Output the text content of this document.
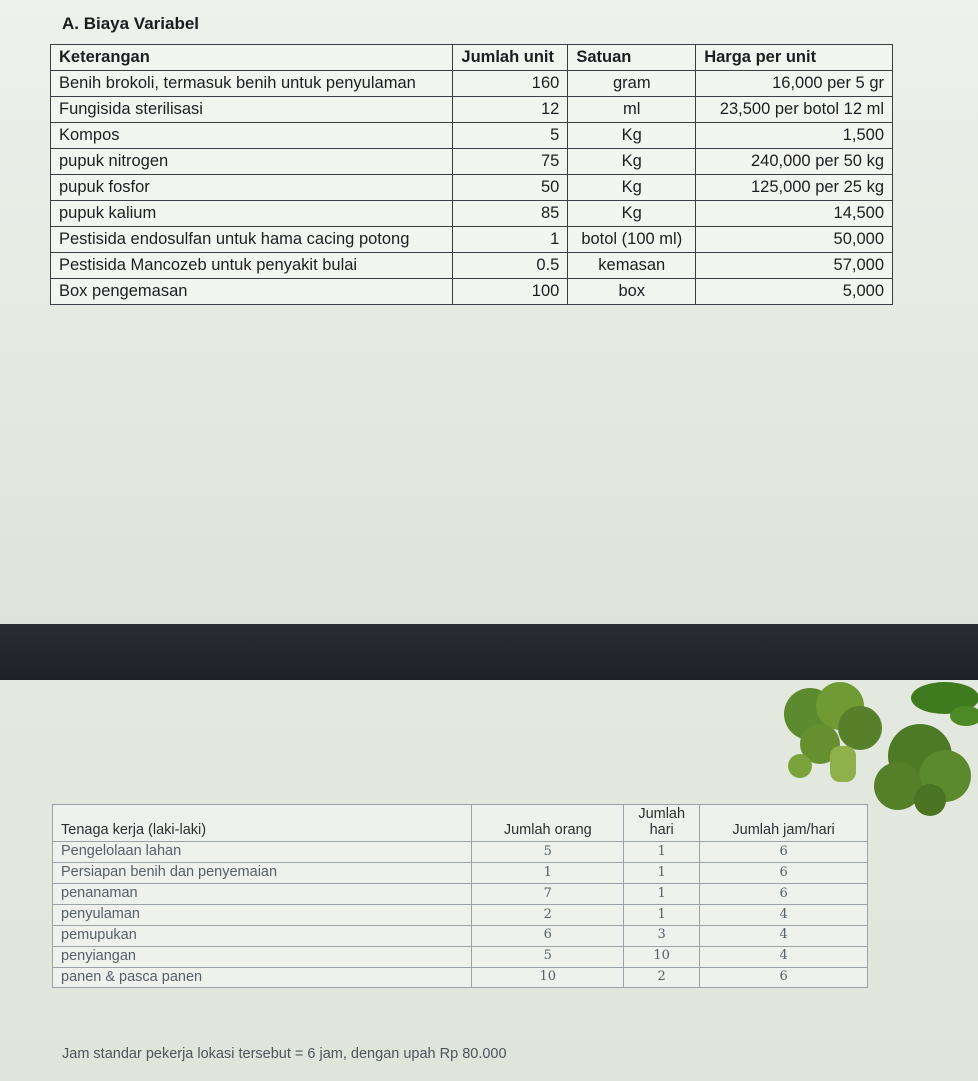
A. Biaya Variabel
Keterangan	Jumlah unit	Satuan	Harga per unit
Benih brokoli, termasuk benih untuk penyulaman	160	gram	16,000 per 5 gr
Fungisida sterilisasi	12	ml	23,500 per botol 12 ml
Kompos	5	Kg	1,500
pupuk nitrogen	75	Kg	240,000 per 50 kg
pupuk fosfor	50	Kg	125,000 per 25 kg
pupuk kalium	85	Kg	14,500
Pestisida endosulfan untuk hama cacing potong	1	botol (100 ml)	50,000
Pestisida Mancozeb untuk penyakit bulai	0.5	kemasan	57,000
Box pengemasan	100	box	5,000
Tenaga kerja (laki-laki)	Jumlah orang	Jumlah hari	Jumlah jam/hari
Pengelolaan lahan	5	1	6
Persiapan benih dan penyemaian	1	1	6
penanaman	7	1	6
penyulaman	2	1	4
pemupukan	6	3	4
penyiangan	5	10	4
panen & pasca panen	10	2	6
Jam standar pekerja lokasi tersebut = 6 jam, dengan upah Rp 80.000
